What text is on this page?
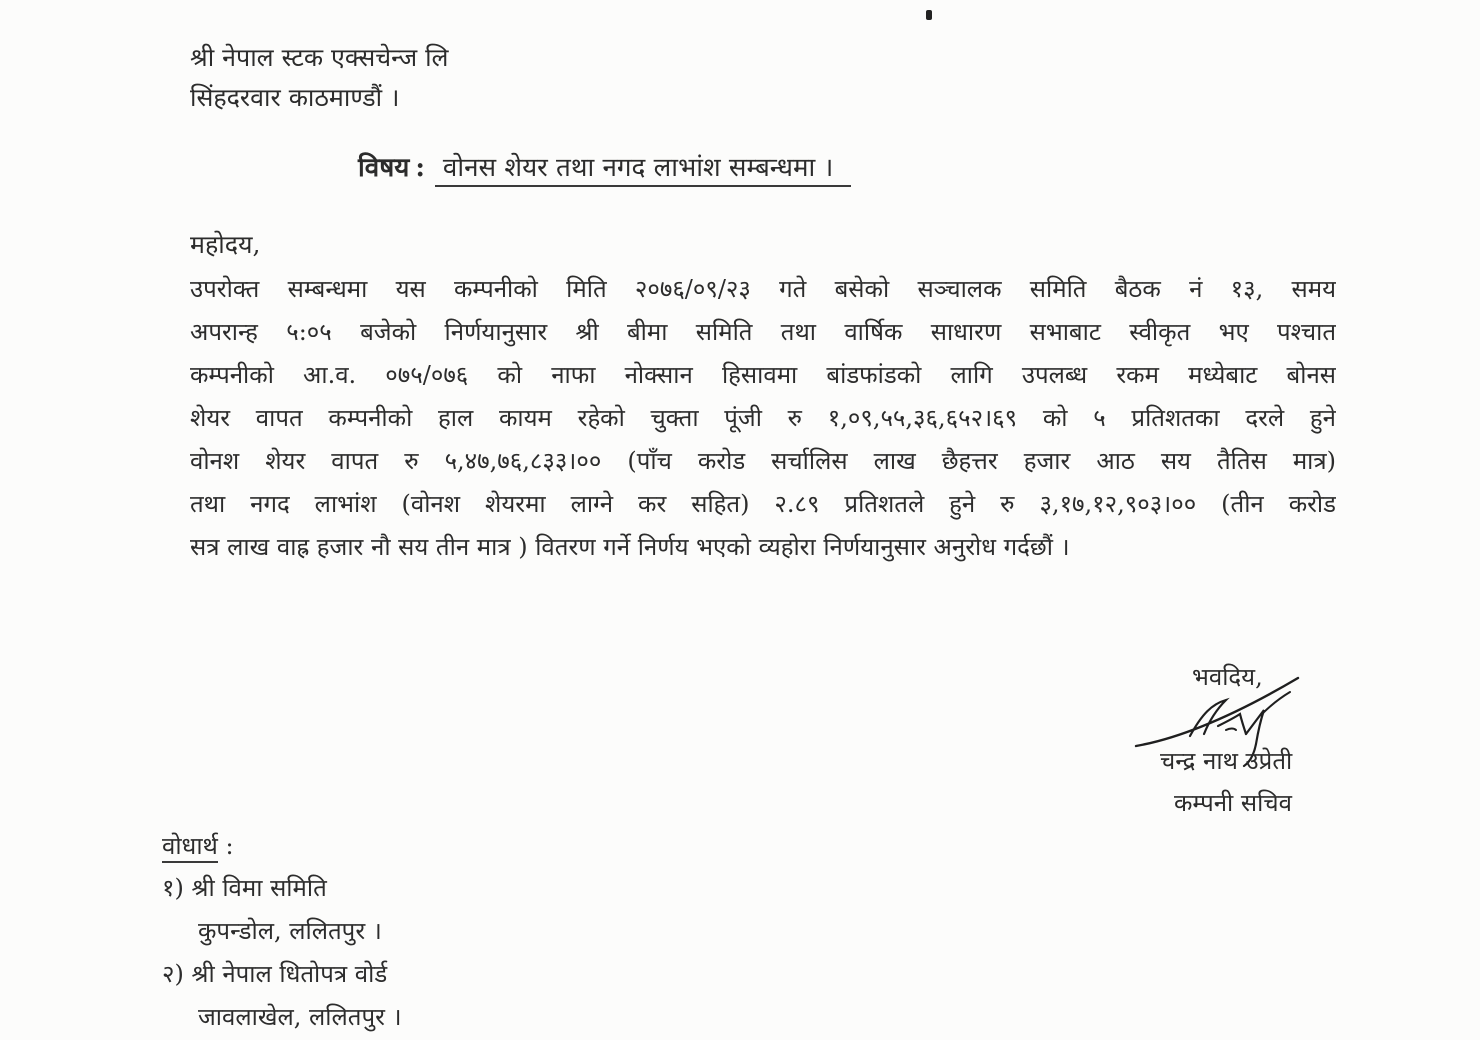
श्री नेपाल स्टक एक्सचेन्ज लि
सिंहदरवार काठमाण्डौं ।
विषय : वोनस शेयर तथा नगद लाभांश सम्बन्धमा ।
महोदय,
उपरोक्त सम्बन्धमा यस कम्पनीको मिति २०७६/०९/२३ गते बसेको सञ्चालक समिति बैठक नं १३, समय
अपरान्ह ५:०५ बजेको निर्णयानुसार श्री बीमा समिति तथा वार्षिक साधारण सभाबाट स्वीकृत भए पश्चात
कम्पनीको आ.व. ०७५/०७६ को नाफा नोक्सान हिसावमा बांडफांडको लागि उपलब्ध रकम मध्येबाट बोनस
शेयर वापत कम्पनीको हाल कायम रहेको चुक्ता पूंजी रु १,०९,५५,३६,६५२।६९ को ५ प्रतिशतका दरले हुने
वोनश शेयर वापत रु ५,४७,७६,८३३।०० (पाँच करोड सर्चालिस लाख छैहत्तर हजार आठ सय तैतिस मात्र)
तथा नगद लाभांश (वोनश शेयरमा लाग्ने कर सहित) २.८९ प्रतिशतले हुने रु ३,१७,१२,९०३।०० (तीन करोड
सत्र लाख वाह्र हजार नौ सय तीन मात्र ) वितरण गर्ने निर्णय भएको व्यहोरा निर्णयानुसार अनुरोध गर्दछौं ।
भवदिय,
चन्द्र नाथ उप्रेती
कम्पनी सचिव
वोधार्थ :
१) श्री विमा समिति
कुपन्डोल, ललितपुर ।
२) श्री नेपाल धितोपत्र वोर्ड
जावलाखेल, ललितपुर ।
